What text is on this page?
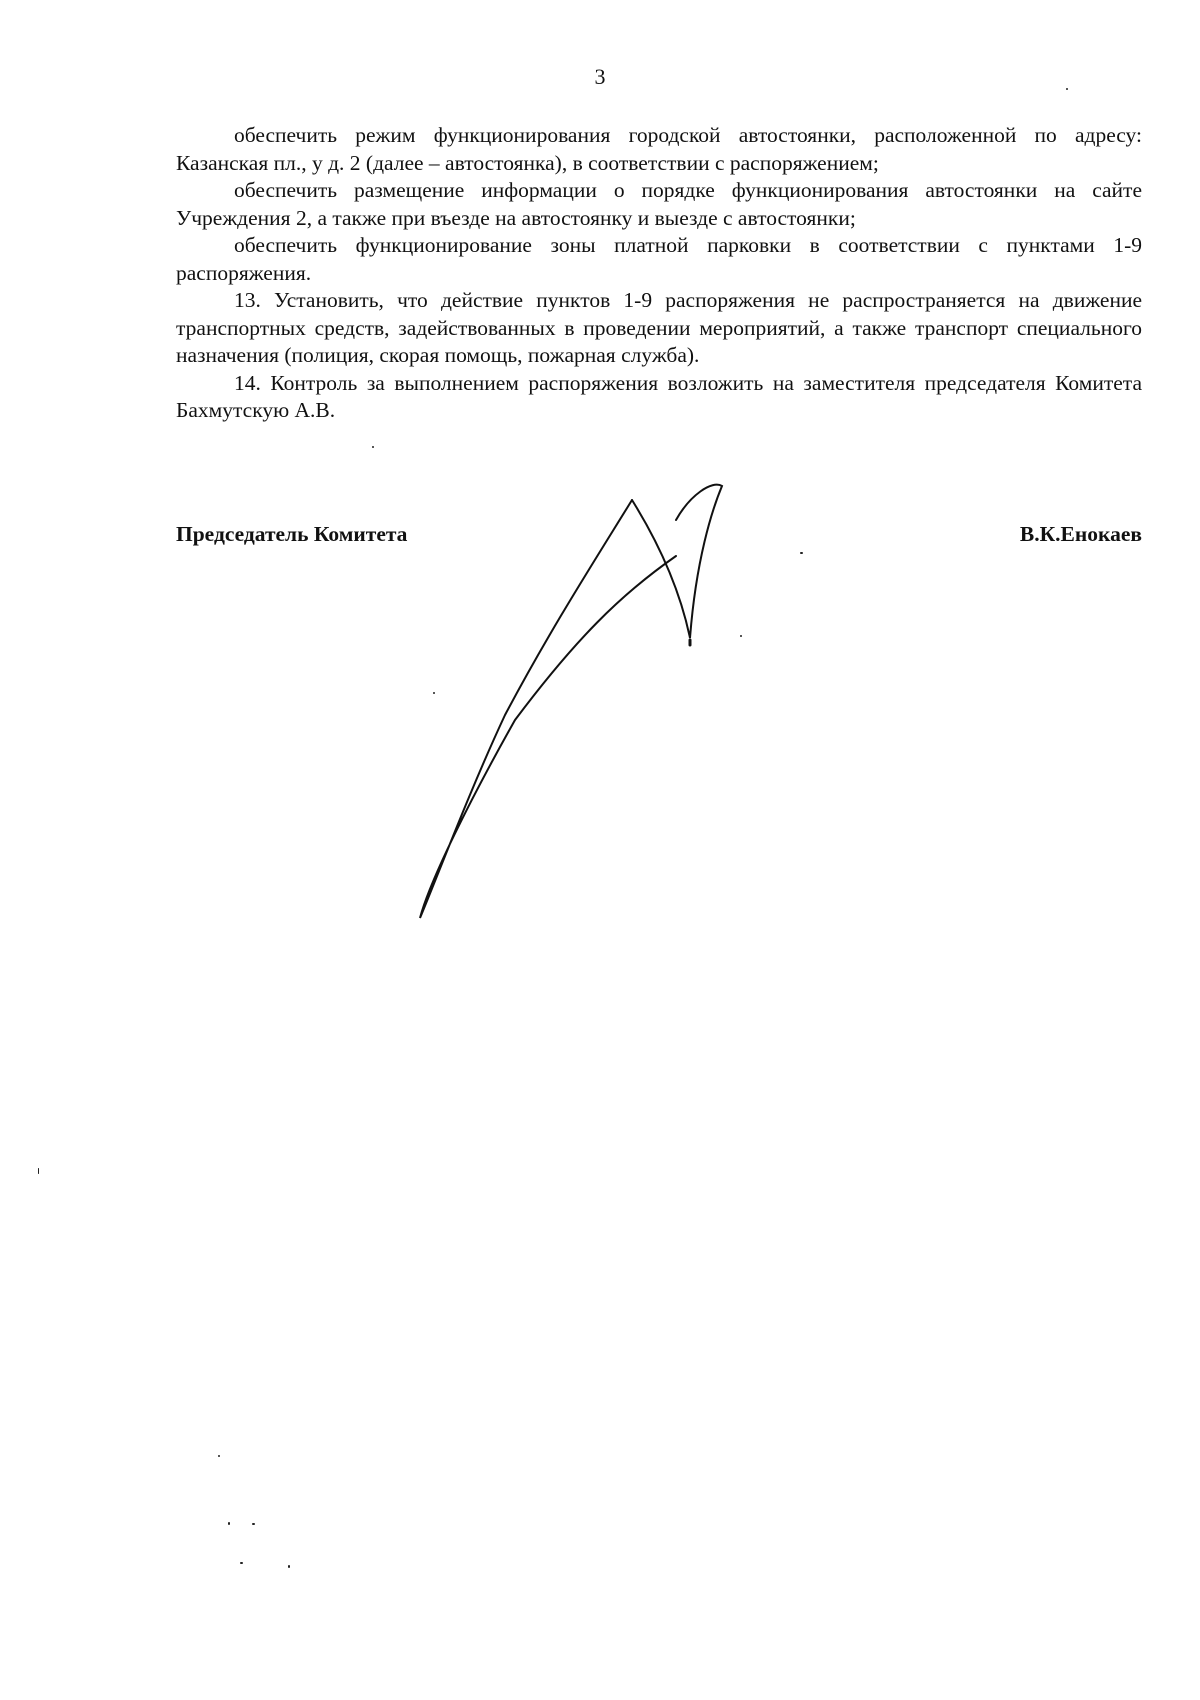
3

обеспечить режим функционирования городской автостоянки, расположенной по адресу: Казанская пл., у д. 2 (далее – автостоянка), в соответствии с распоряжением;

обеспечить размещение информации о порядке функционирования автостоянки на сайте Учреждения 2, а также при въезде на автостоянку и выезде с автостоянки;

обеспечить функционирование зоны платной парковки в соответствии с пунктами 1-9 распоряжения.

13. Установить, что действие пунктов 1-9 распоряжения не распространяется на движение транспортных средств, задействованных в проведении мероприятий, а также транспорт специального назначения (полиция, скорая помощь, пожарная служба).

14. Контроль за выполнением распоряжения возложить на заместителя председателя Комитета Бахмутскую А.В.

Председатель Комитета	В.К.Енокаев
